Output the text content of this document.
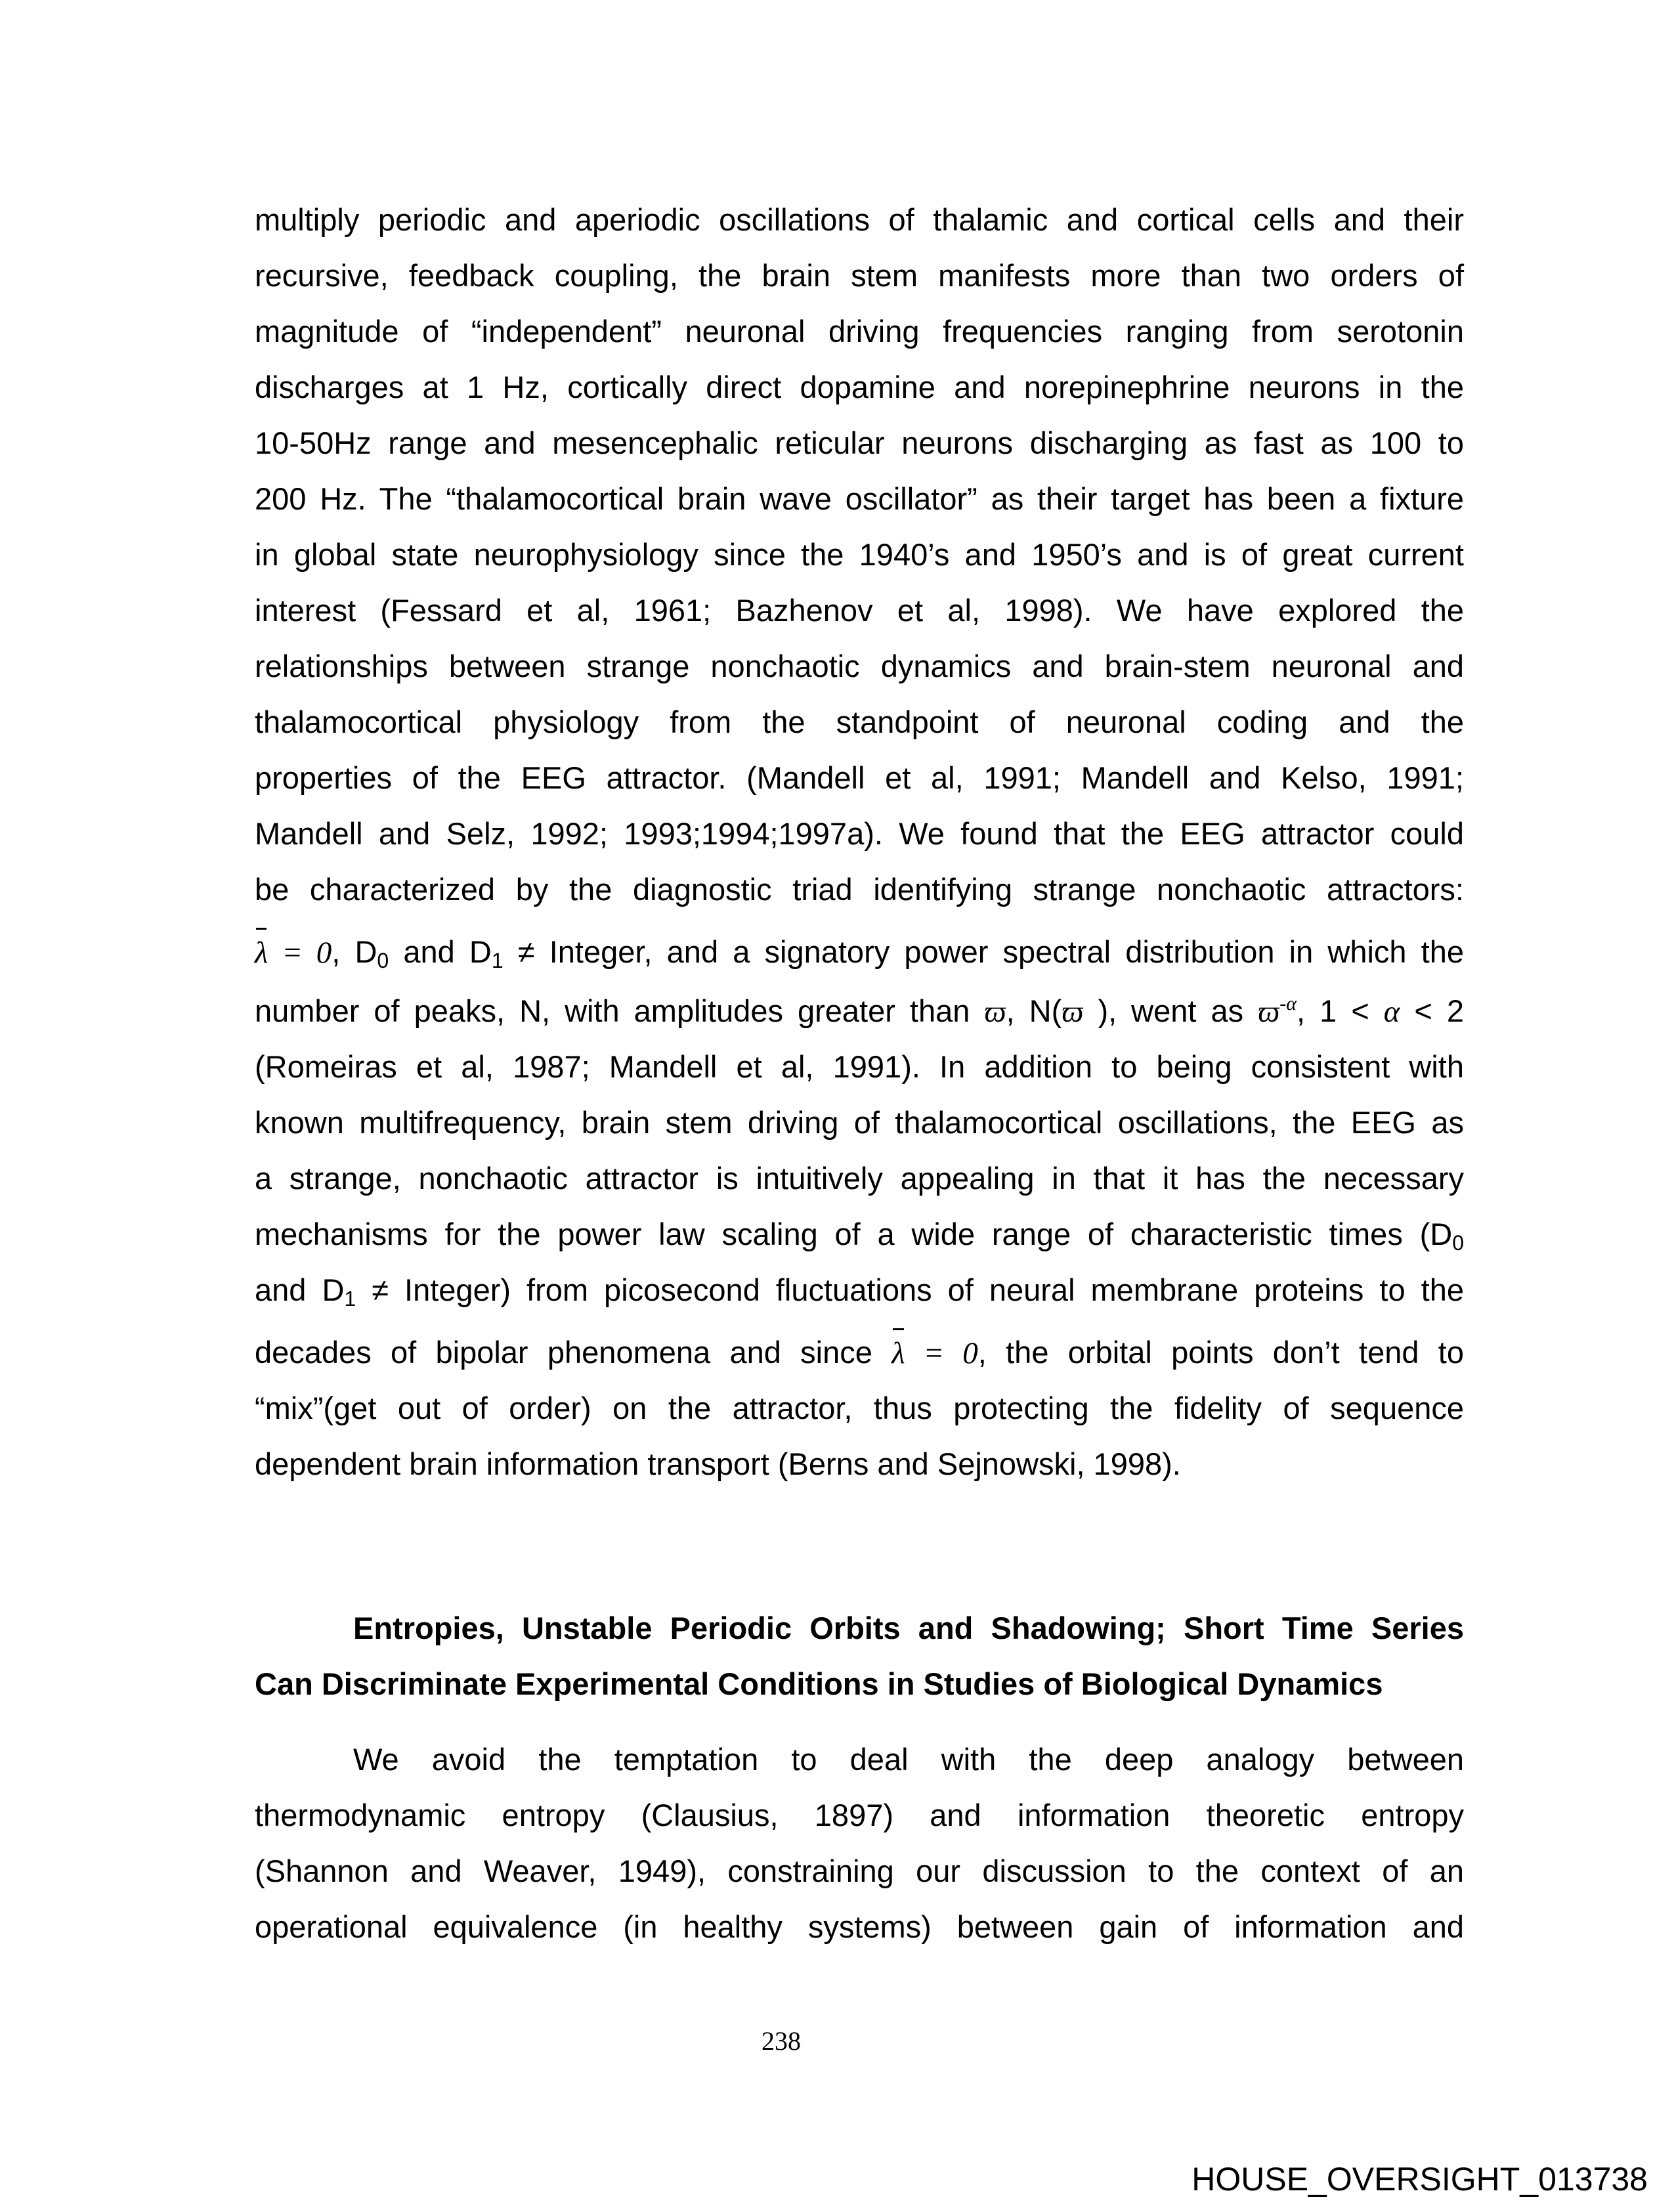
multiply periodic and aperiodic oscillations of thalamic and cortical cells and their
recursive, feedback coupling, the brain stem manifests more than two orders of
magnitude of “independent” neuronal driving frequencies ranging from serotonin
discharges at 1 Hz, cortically direct dopamine and norepinephrine neurons in the
10-50Hz range and mesencephalic reticular neurons discharging as fast as 100 to
200 Hz. The “thalamocortical brain wave oscillator” as their target has been a fixture
in global state neurophysiology since the 1940’s and 1950’s and is of great current
interest (Fessard et al, 1961; Bazhenov et al, 1998). We have explored the
relationships between strange nonchaotic dynamics and brain-stem neuronal and
thalamocortical physiology from the standpoint of neuronal coding and the
properties of the EEG attractor. (Mandell et al, 1991; Mandell and Kelso, 1991;
Mandell and Selz, 1992; 1993;1994;1997a). We found that the EEG attractor could
be characterized by the diagnostic triad identifying strange nonchaotic attractors:
λ = 0, $D_0$ and $D_1$ ≠ Integer, and a signatory power spectral distribution in which the
number of peaks, N, with amplitudes greater than ϖ, N(ϖ ), went as $ϖ^{-\alpha}$, 1 < α < 2
(Romeiras et al, 1987; Mandell et al, 1991). In addition to being consistent with
known multifrequency, brain stem driving of thalamocortical oscillations, the EEG as
a strange, nonchaotic attractor is intuitively appealing in that it has the necessary
mechanisms for the power law scaling of a wide range of characteristic times ($D_0$
and $D_1$ ≠ Integer) from picosecond fluctuations of neural membrane proteins to the
decades of bipolar phenomena and since λ = 0, the orbital points don’t tend to
“mix”(get out of order) on the attractor, thus protecting the fidelity of sequence
dependent brain information transport (Berns and Sejnowski, 1998).
Entropies, Unstable Periodic Orbits and Shadowing; Short Time Series
Can Discriminate Experimental Conditions in Studies of Biological Dynamics
We avoid the temptation to deal with the deep analogy between
thermodynamic entropy (Clausius, 1897) and information theoretic entropy
(Shannon and Weaver, 1949), constraining our discussion to the context of an
operational equivalence (in healthy systems) between gain of information and
238
HOUSE_OVERSIGHT_013738
